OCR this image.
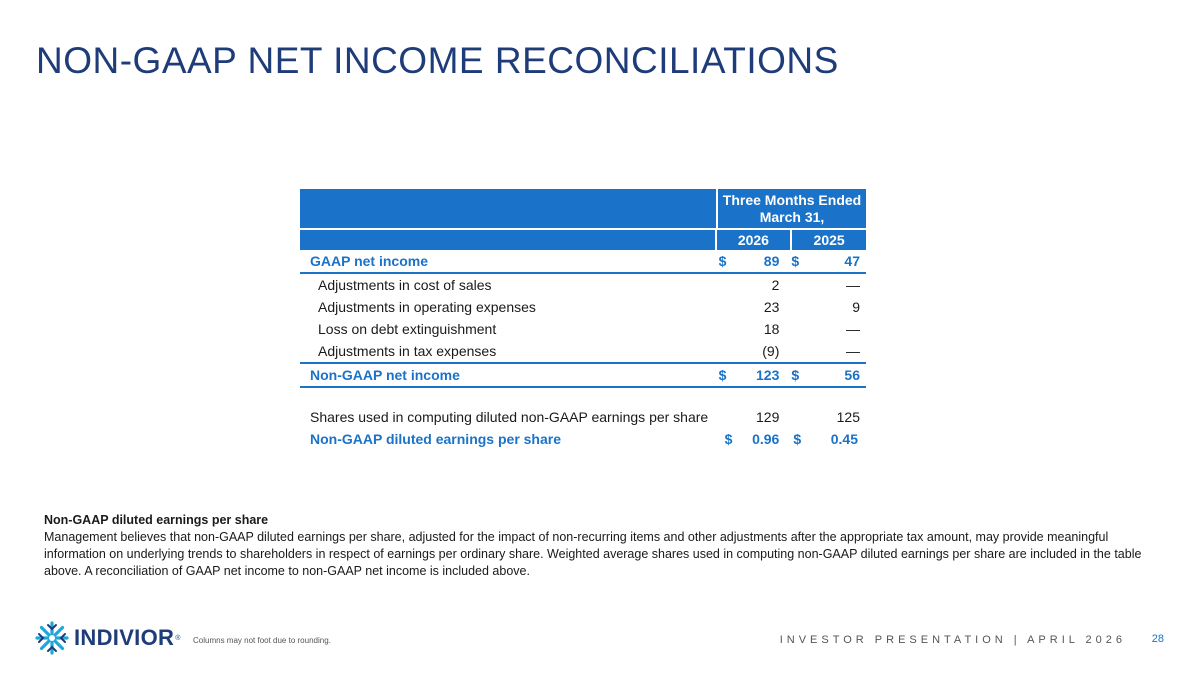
NON-GAAP NET INCOME RECONCILIATIONS
Three Months Ended March 31,
2026	2025
GAAP net income	$	89 $	47
Adjustments in cost of sales	2	—
Adjustments in operating expenses	23	9
Loss on debt extinguishment	18	—
Adjustments in tax expenses	(9)	—
Non-GAAP net income	$ 123 $	56
Shares used in computing diluted non-GAAP earnings per share	129	125
Non-GAAP diluted earnings per share	$ 0.96	$ 0.45
Non-GAAP diluted earnings per share
Management believes that non-GAAP diluted earnings per share, adjusted for the impact of non-recurring items and other adjustments after the appropriate tax amount, may provide meaningful information on underlying trends to shareholders in respect of earnings per ordinary share. Weighted average shares used in computing non-GAAP diluted earnings per share are included in the table above. A reconciliation of GAAP net income to non-GAAP net income is included above.
INDIVIOR ® Columns may not foot due to rounding.	INVESTOR PRESENTATION | APRIL 2026 28
